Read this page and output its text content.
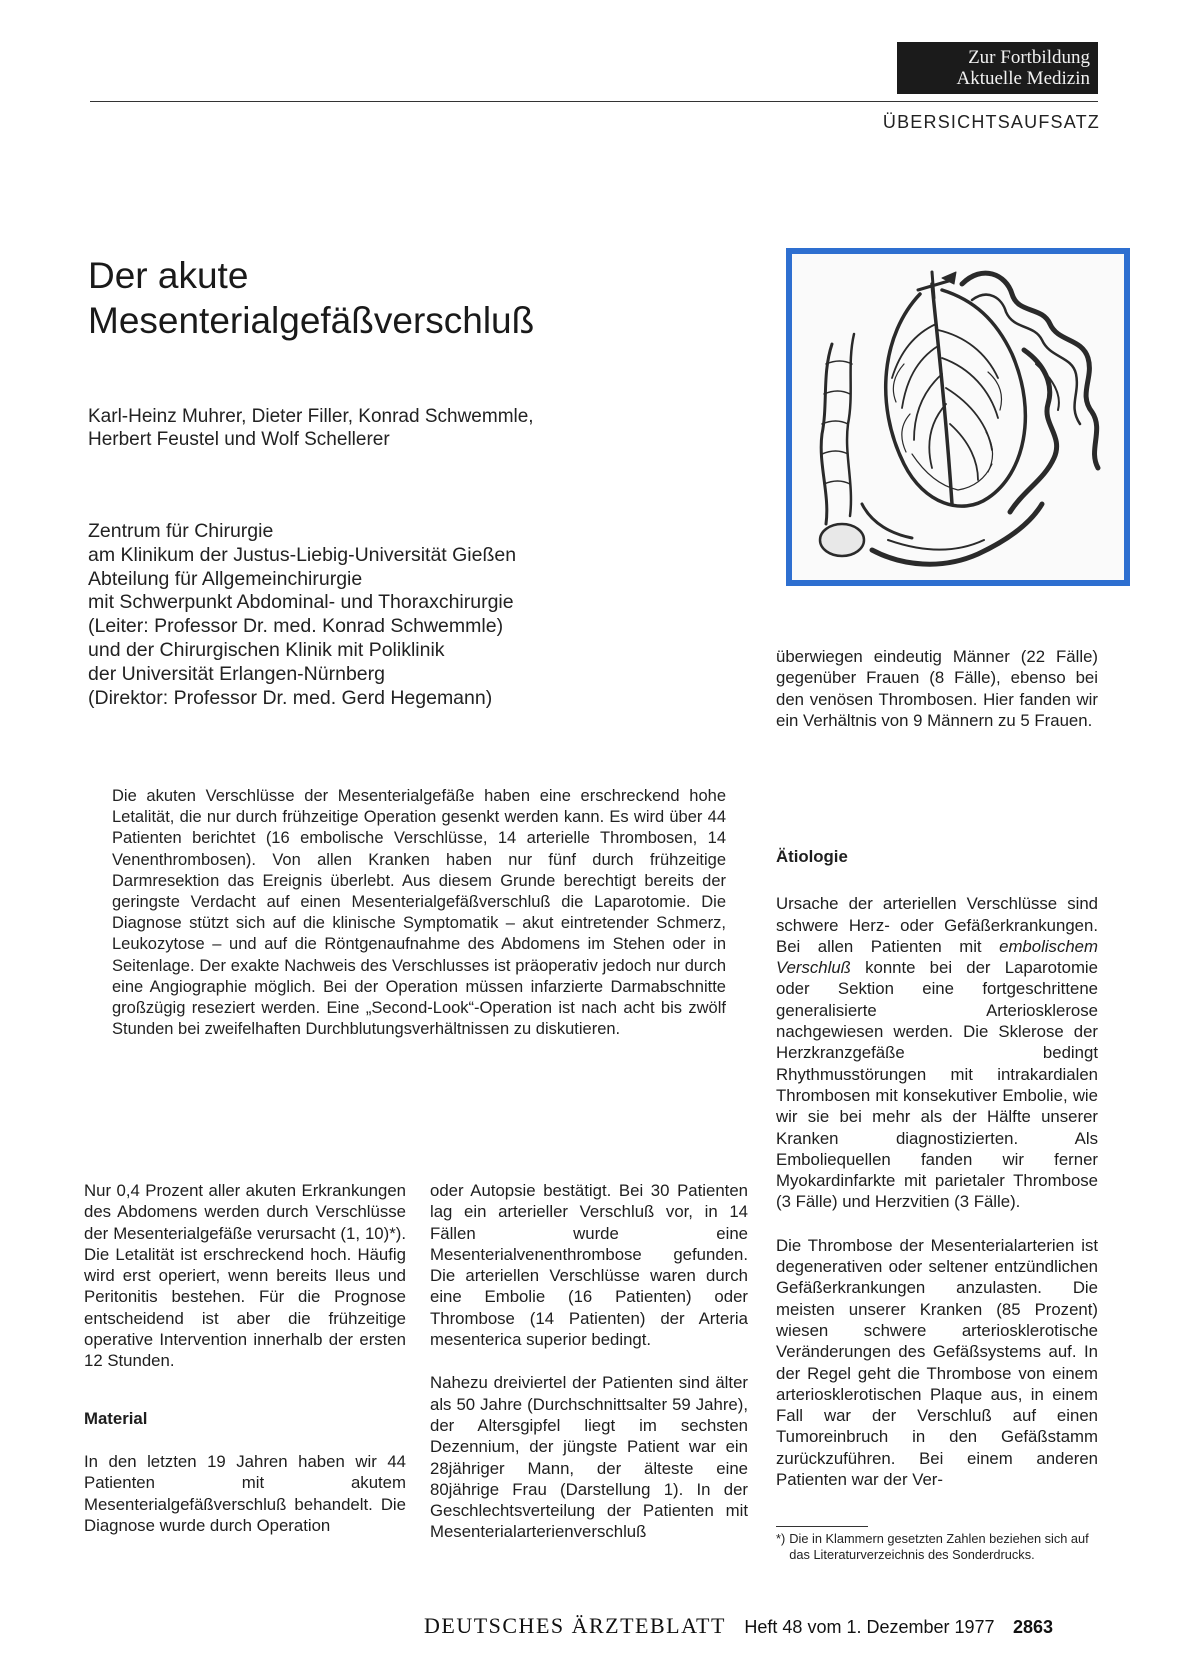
Zur Fortbildung
Aktuelle Medizin
ÜBERSICHTSAUFSATZ
Der akute
Mesenterialgefäßverschluß
Karl-Heinz Muhrer, Dieter Filler, Konrad Schwemmle,
Herbert Feustel und Wolf Schellerer
Zentrum für Chirurgie
am Klinikum der Justus-Liebig-Universität Gießen
Abteilung für Allgemeinchirurgie
mit Schwerpunkt Abdominal- und Thoraxchirurgie
(Leiter: Professor Dr. med. Konrad Schwemmle)
und der Chirurgischen Klinik mit Poliklinik
der Universität Erlangen-Nürnberg
(Direktor: Professor Dr. med. Gerd Hegemann)
Die akuten Verschlüsse der Mesenterialgefäße haben eine erschreckend hohe Letalität, die nur durch frühzeitige Operation gesenkt werden kann. Es wird über 44 Patienten berichtet (16 embolische Verschlüsse, 14 arterielle Thrombosen, 14 Venenthrombosen). Von allen Kranken haben nur fünf durch frühzeitige Darmresektion das Ereignis überlebt. Aus diesem Grunde berechtigt bereits der geringste Verdacht auf einen Mesenterialgefäßverschluß die Laparotomie. Die Diagnose stützt sich auf die klinische Symptomatik – akut eintretender Schmerz, Leukozytose – und auf die Röntgenaufnahme des Abdomens im Stehen oder in Seitenlage. Der exakte Nachweis des Verschlusses ist präoperativ jedoch nur durch eine Angiographie möglich. Bei der Operation müssen infarzierte Darmabschnitte großzügig reseziert werden. Eine „Second-Look“-Operation ist nach acht bis zwölf Stunden bei zweifelhaften Durchblutungsverhältnissen zu diskutieren.

Nur 0,4 Prozent aller akuten Erkrankungen des Abdomens werden durch Verschlüsse der Mesenterialgefäße verursacht (1, 10)*). Die Letalität ist erschreckend hoch. Häufig wird erst operiert, wenn bereits Ileus und Peritonitis bestehen. Für die Prognose entscheidend ist aber die frühzeitige operative Intervention innerhalb der ersten 12 Stunden.

Material

In den letzten 19 Jahren haben wir 44 Patienten mit akutem Mesenterialgefäßverschluß behandelt. Die Diagnose wurde durch Operation

oder Autopsie bestätigt. Bei 30 Patienten lag ein arterieller Verschluß vor, in 14 Fällen wurde eine Mesenterialvenenthrombose gefunden. Die arteriellen Verschlüsse waren durch eine Embolie (16 Patienten) oder Thrombose (14 Patienten) der Arteria mesenterica superior bedingt.

Nahezu dreiviertel der Patienten sind älter als 50 Jahre (Durchschnittsalter 59 Jahre), der Altersgipfel liegt im sechsten Dezennium, der jüngste Patient war ein 28jähriger Mann, der älteste eine 80jährige Frau (Darstellung 1). In der Geschlechtsverteilung der Patienten mit Mesenterialarterienverschluß

überwiegen eindeutig Männer (22 Fälle) gegenüber Frauen (8 Fälle), ebenso bei den venösen Thrombosen. Hier fanden wir ein Verhältnis von 9 Männern zu 5 Frauen.

Ätiologie

Ursache der arteriellen Verschlüsse sind schwere Herz- oder Gefäßerkrankungen. Bei allen Patienten mit embolischem Verschluß konnte bei der Laparotomie oder Sektion eine fortgeschrittene generalisierte Arteriosklerose nachgewiesen werden. Die Sklerose der Herzkranzgefäße bedingt Rhythmusstörungen mit intrakardialen Thrombosen mit konsekutiver Embolie, wie wir sie bei mehr als der Hälfte unserer Kranken diagnostizierten. Als Emboliequellen fanden wir ferner Myokardinfarkte mit parietaler Thrombose (3 Fälle) und Herzvitien (3 Fälle).

Die Thrombose der Mesenterialarterien ist degenerativen oder seltener entzündlichen Gefäßerkrankungen anzulasten. Die meisten unserer Kranken (85 Prozent) wiesen schwere arteriosklerotische Veränderungen des Gefäßsystems auf. In der Regel geht die Thrombose von einem arteriosklerotischen Plaque aus, in einem Fall war der Verschluß auf einen Tumoreinbruch in den Gefäßstamm zurückzuführen. Bei einem anderen Patienten war der Ver-

*) Die in Klammern gesetzten Zahlen beziehen sich auf das Literaturverzeichnis des Sonderdrucks.
DEUTSCHES ÄRZTEBLATT Heft 48 vom 1. Dezember 1977 2863
